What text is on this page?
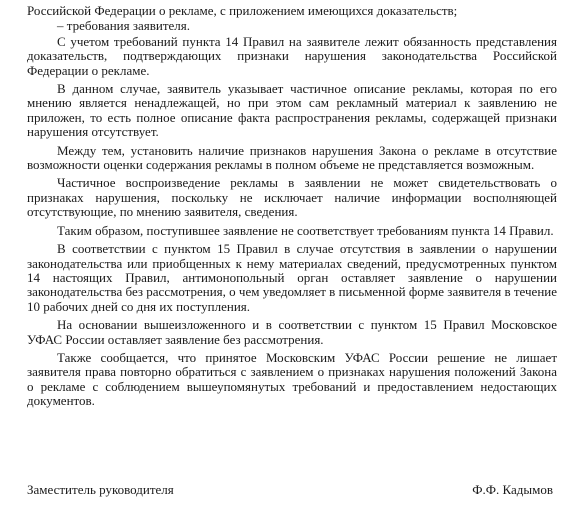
Российской Федерации о рекламе, с приложением имеющихся доказательств;

– требования заявителя.

С учетом требований пункта 14 Правил на заявителе лежит обязанность представления доказательств, подтверждающих признаки нарушения законодательства Российской Федерации о рекламе.

В данном случае, заявитель указывает частичное описание рекламы, которая по его мнению является ненадлежащей, но при этом сам рекламный материал к заявлению не приложен, то есть полное описание факта распространения рекламы, содержащей признаки нарушения отсутствует.

Между тем, установить наличие признаков нарушения Закона о рекламе в отсутствие возможности оценки содержания рекламы в полном объеме не представляется возможным.

Частичное воспроизведение рекламы в заявлении не может свидетельствовать о признаках нарушения, поскольку не исключает наличие информации восполняющей отсутствующие, по мнению заявителя, сведения.

Таким образом, поступившее заявление не соответствует требованиям пункта 14 Правил.

В соответствии с пунктом 15 Правил в случае отсутствия в заявлении о нарушении законодательства или приобщенных к нему материалах сведений, предусмотренных пунктом 14 настоящих Правил, антимонопольный орган оставляет заявление о нарушении законодательства без рассмотрения, о чем уведомляет в письменной форме заявителя в течение 10 рабочих дней со дня их поступления.

На основании вышеизложенного и в соответствии с пунктом 15 Правил Московское УФАС России оставляет заявление без рассмотрения.

Также сообщается, что принятое Московским УФАС России решение не лишает заявителя права повторно обратиться с заявлением о признаках нарушения положений Закона о рекламе с соблюдением вышеупомянутых требований и предоставлением недостающих документов.

Заместитель руководителя	Ф.Ф. Кадымов
